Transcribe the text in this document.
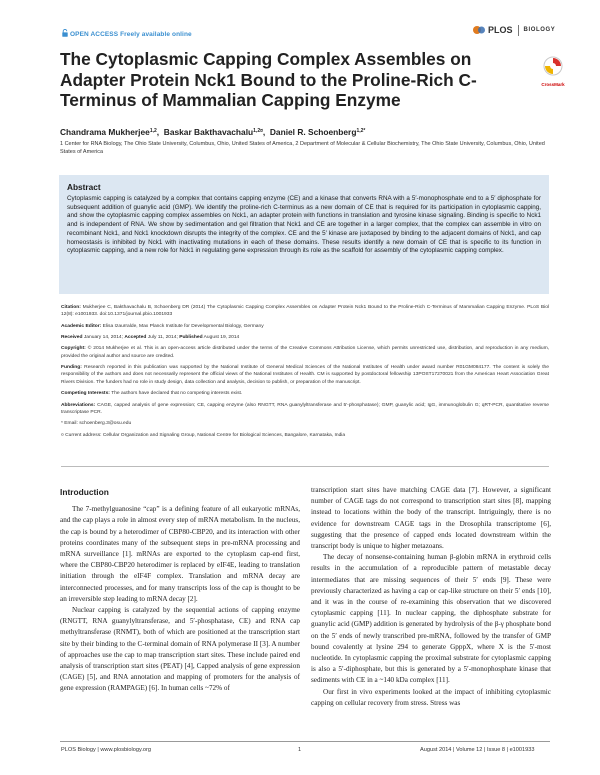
OPEN ACCESS Freely available online	PLOS BIOLOGY
The Cytoplasmic Capping Complex Assembles on Adapter Protein Nck1 Bound to the Proline-Rich C-Terminus of Mammalian Capping Enzyme
CrossMark
Chandrama Mukherjee$^{1,2}$,  Baskar Bakthavachalu$^{1,2¤}$,  Daniel R. Schoenberg$^{1,2*}$
1 Center for RNA Biology, The Ohio State University, Columbus, Ohio, United States of America, 2 Department of Molecular & Cellular Biochemistry, The Ohio State University, Columbus, Ohio, United States of America
Abstract

Cytoplasmic capping is catalyzed by a complex that contains capping enzyme (CE) and a kinase that converts RNA with a 5′-monophosphate end to a 5′ diphosphate for subsequent addition of guanylic acid (GMP). We identify the proline-rich C-terminus as a new domain of CE that is required for its participation in cytoplasmic capping, and show the cytoplasmic capping complex assembles on Nck1, an adapter protein with functions in translation and tyrosine kinase signaling. Binding is specific to Nck1 and is independent of RNA. We show by sedimentation and gel filtration that Nck1 and CE are together in a larger complex, that the complex can assemble in vitro on recombinant Nck1, and Nck1 knockdown disrupts the integrity of the complex. CE and the 5′ kinase are juxtaposed by binding to the adjacent domains of Nck1, and cap homeostasis is inhibited by Nck1 with inactivating mutations in each of these domains. These results identify a new domain of CE that is specific to its function in cytoplasmic capping, and a new role for Nck1 in regulating gene expression through its role as the scaffold for assembly of the cytoplasmic capping complex.

Citation: Mukherjee C, Bakthavachalu B, Schoenberg DR (2014) The Cytoplasmic Capping Complex Assembles on Adapter Protein Nck1 Bound to the Proline-Rich C-Terminus of Mammalian Capping Enzyme. PLoS Biol 12(8): e1001933. doi:10.1371/journal.pbio.1001933

Academic Editor: Elisa Izaurralde, Max Planck Institute for Developmental Biology, Germany

Received January 14, 2014; Accepted July 11, 2014; Published August 19, 2014

Copyright: © 2014 Mukherjee et al. This is an open-access article distributed under the terms of the Creative Commons Attribution License, which permits unrestricted use, distribution, and reproduction in any medium, provided the original author and source are credited.

Funding: Research reported in this publication was supported by the National Institute of General Medical Sciences of the National Institutes of Health under award number R01GM084177. The content is solely the responsibility of the authors and does not necessarily represent the official views of the National Institutes of Health. CM is supported by postdoctoral fellowship 13POST17270021 from the American Heart Association Great Rivers Division. The funders had no role in study design, data collection and analysis, decision to publish, or preparation of the manuscript.

Competing Interests: The authors have declared that no competing interests exist.

Abbreviations: CAGE, capped analysis of gene expression; CE, capping enzyme (also RNGTT, RNA guanylyltransferase and 5′-phosphatase); GMP, guanylic acid; IgG, immunoglobulin G; qRT-PCR, quantitative reverse transcriptase PCR.

* Email: schoenberg.3@osu.edu

¤ Current address: Cellular Organization and Signaling Group, National Centre for Biological Sciences, Bangalore, Karnataka, India

Introduction

The 7-methylguanosine “cap” is a defining feature of all eukaryotic mRNAs, and the cap plays a role in almost every step of mRNA metabolism. In the nucleus, the cap is bound by a heterodimer of CBP80-CBP20, and its interaction with other proteins coordinates many of the subsequent steps in pre-mRNA processing and mRNA surveillance [1]. mRNAs are exported to the cytoplasm cap-end first, where the CBP80-CBP20 heterodimer is replaced by eIF4E, leading to translation initiation through the eIF4F complex. Translation and mRNA decay are interconnected processes, and for many transcripts loss of the cap is thought to be an irreversible step leading to mRNA decay [2].

Nuclear capping is catalyzed by the sequential actions of capping enzyme (RNGTT, RNA guanylyltransferase, and 5′-phosphatase, CE) and RNA cap methyltransferase (RNMT), both of which are positioned at the transcription start site by their binding to the C-terminal domain of RNA polymerase II [3]. A number of approaches use the cap to map transcription start sites. These include paired end analysis of transcription start sites (PEAT) [4], Capped analysis of gene expression (CAGE) [5], and RNA annotation and mapping of promoters for the analysis of gene expression (RAMPAGE) [6]. In human cells ~72% of

transcription start sites have matching CAGE data [7]. However, a significant number of CAGE tags do not correspond to transcription start sites [8], mapping instead to locations within the body of the transcript. Intriguingly, there is no evidence for downstream CAGE tags in the Drosophila transcriptome [6], suggesting that the presence of capped ends located downstream within the transcript body is unique to higher metazoans.

The decay of nonsense-containing human β-globin mRNA in erythroid cells results in the accumulation of a reproducible pattern of metastable decay intermediates that are missing sequences of their 5′ ends [9]. These were previously characterized as having a cap or cap-like structure on their 5′ ends [10], and it was in the course of re-examining this observation that we discovered cytoplasmic capping [11]. In nuclear capping, the diphosphate substrate for guanylic acid (GMP) addition is generated by hydrolysis of the β-γ phosphate bond on the 5′ ends of newly transcribed pre-mRNA, followed by the transfer of GMP bound covalently at lysine 294 to generate GpppX, where X is the 5′-most nucleotide. In cytoplasmic capping the proximal substrate for cytoplasmic capping is also a 5′-diphosphate, but this is generated by a 5′-monophosphate kinase that sediments with CE in a ~140 kDa complex [11].

Our first in vivo experiments looked at the impact of inhibiting cytoplasmic capping on cellular recovery from stress. Stress was

PLOS Biology | www.plosbiology.org	1	August 2014 | Volume 12 | Issue 8 | e1001933
